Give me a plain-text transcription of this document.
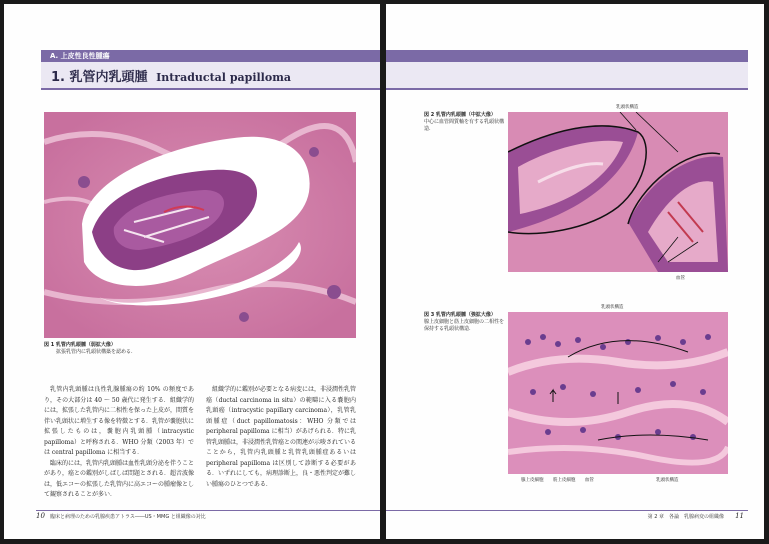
A. 上皮性良性腫瘍
1. 乳管内乳頭腫 Intraductal papilloma
図 1 乳管内乳頭腫（弱拡大像）
拡張乳管内に乳頭状構築を認める.

乳管内乳頭腫は良性乳腺腫瘍の約 10% の頻度であり，その大部分は 40 ～ 50 歳代に発生する．組織学的には，拡張した乳管内に二相性を保った上皮が，間質を伴い乳頭状に増生する像を特徴とする．乳管が嚢胞状に拡張したものは，嚢胞内乳頭腫（intracystic papilloma）と呼称される．WHO 分類（2003 年）では central papilloma に相当する．

臨床的には，乳管内乳頭腫は血性乳頭分泌を伴うことがあり，癌との鑑別がしばしば問題とされる．超音波像は，低エコーの拡張した乳管内に高エコーの腫瘤像として観察されることが多い．

組織学的に鑑別が必要となる病変には，非浸潤性乳管癌（ductal carcinoma in situ）の範疇に入る嚢胞内乳頭癌（intracystic papillary carcinoma），乳管乳頭腫症（duct papillomatosis：WHO 分類では peripheral papilloma に相当）があげられる．特に乳管乳頭腫は，非浸潤性乳管癌との関連が示唆されていることから，乳管内乳頭腫と乳管乳頭腫症あるいは peripheral papilloma は区別して診断する必要がある．いずれにしても，病理診断上，良・悪性判定が難しい腫瘍のひとつである．

10 臨床と病理のための乳腺疾患アトラス――US・MMG と組織像の対比
図 2 乳管内乳頭腫（中拡大像）
中心に血管間質軸を有する乳頭状構造.
乳頭状構造
血管
図 3 乳管内乳頭腫（強拡大像）
腺上皮細胞と筋上皮細胞の二相性を保持する乳頭状構造.
乳頭状構造
腺上皮細胞 筋上皮細胞 血管	乳頭状構造
第 2 章　各論　乳腺病変の組織像 11
